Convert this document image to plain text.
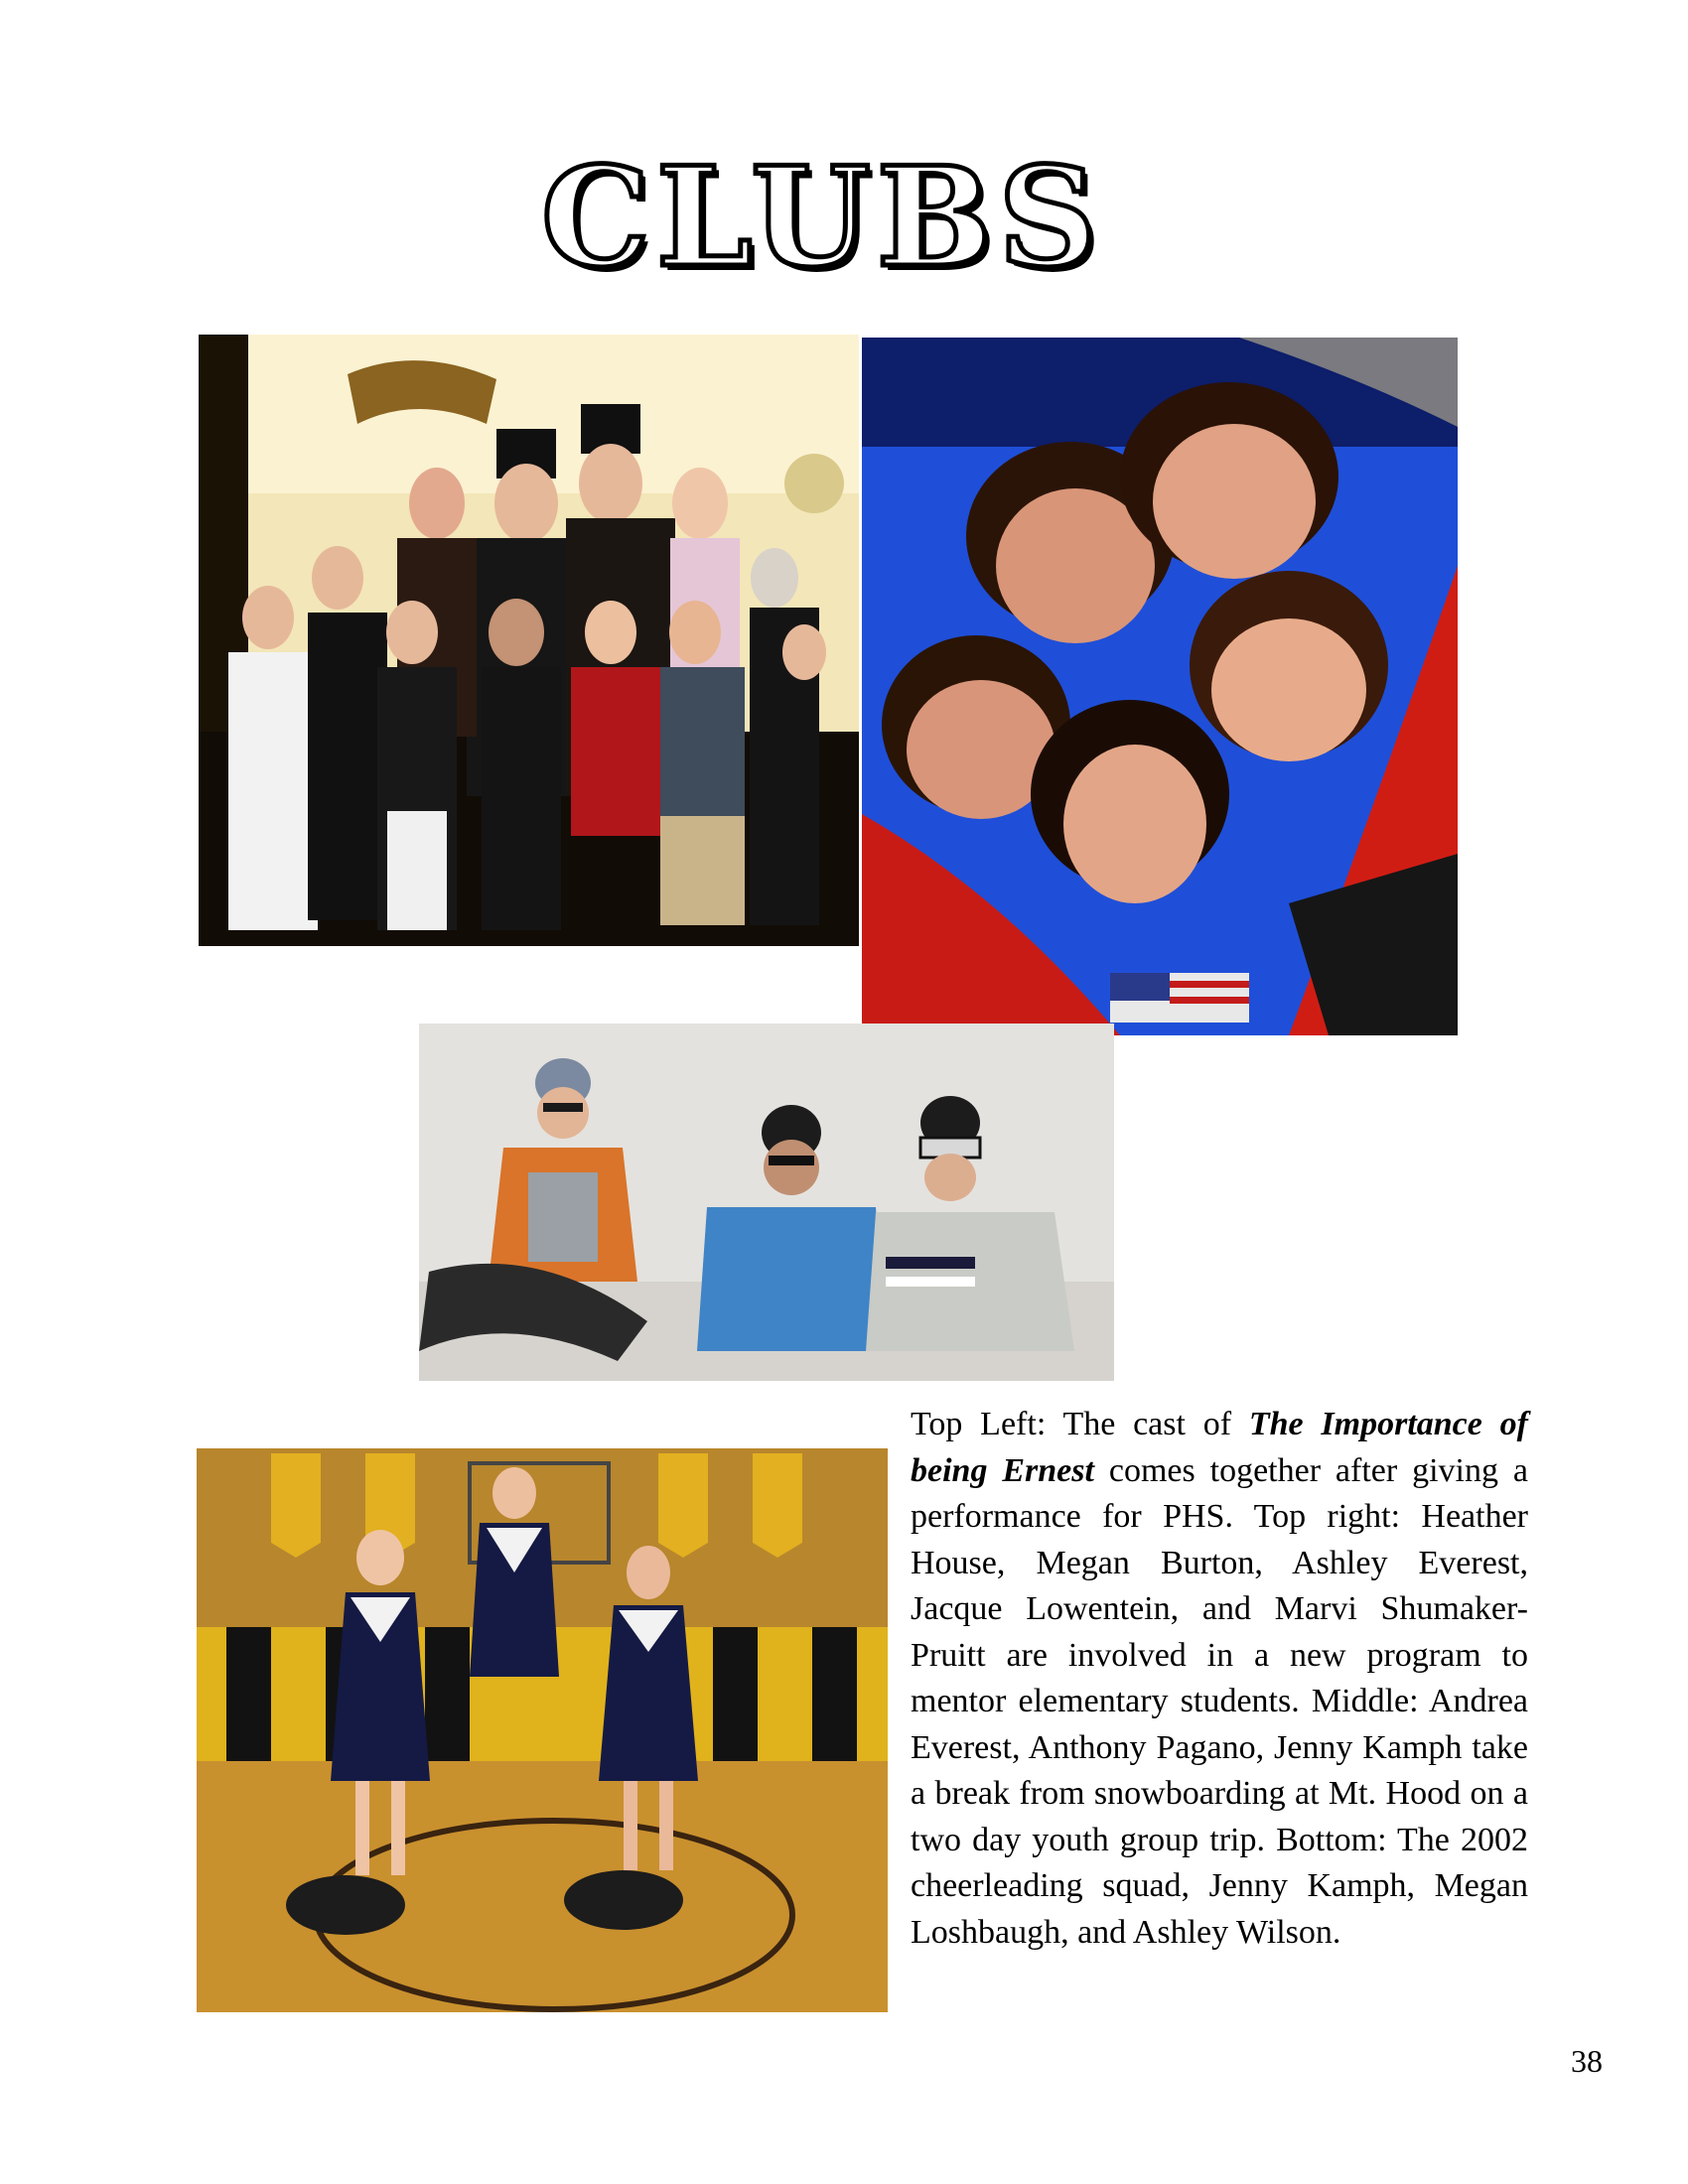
CLUBS

Top Left: The cast of The Importance of being Ernest comes together after giving a performance for PHS. Top right: Heather House, Megan Burton, Ashley Everest, Jacque Lowentein, and Marvi Shumaker-Pruitt are involved in a new program to mentor elementary students. Middle: Andrea Everest, Anthony Pagano, Jenny Kamph take a break from snowboarding at Mt. Hood on a two day youth group trip. Bottom: The 2002 cheerleading squad, Jenny Kamph, Megan Loshbaugh, and Ashley Wilson.

38
